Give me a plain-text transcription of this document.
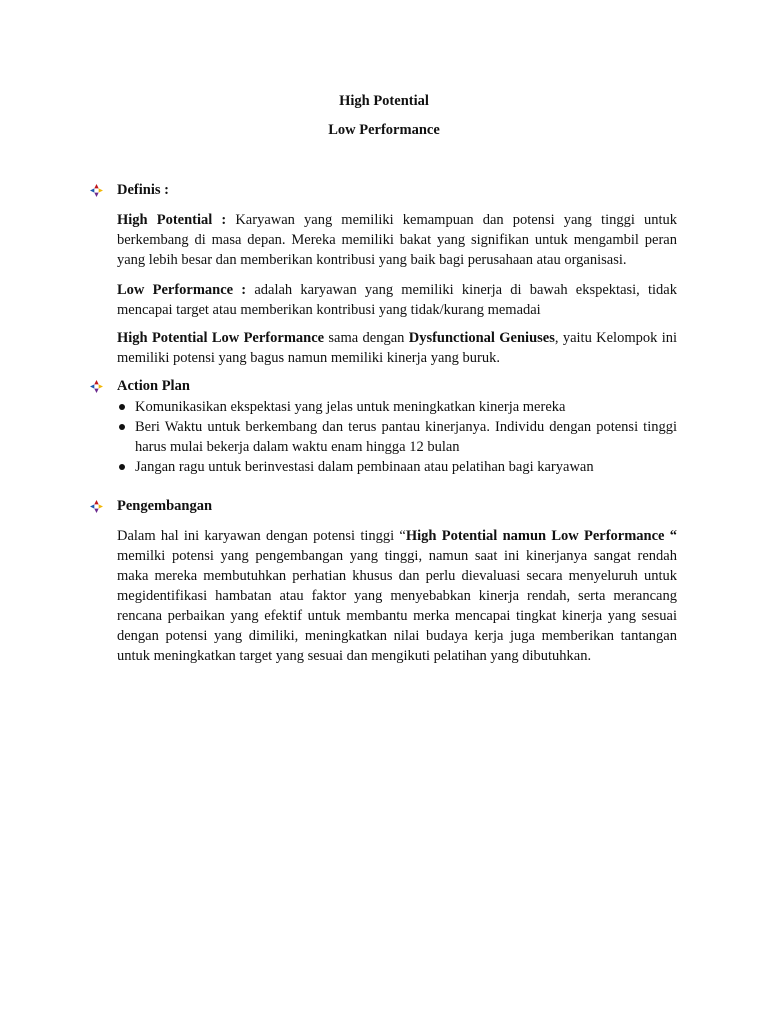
High Potential
Low Performance
Definis :
High Potential : Karyawan yang memiliki kemampuan dan potensi yang tinggi untuk berkembang di masa depan. Mereka memiliki bakat yang signifikan untuk mengambil peran yang lebih besar dan memberikan kontribusi yang baik bagi perusahaan atau organisasi.
Low Performance : adalah karyawan yang memiliki kinerja di bawah ekspektasi, tidak mencapai target atau memberikan kontribusi yang tidak/kurang memadai
High Potential Low Performance sama dengan Dysfunctional Geniuses, yaitu Kelompok ini memiliki potensi yang bagus namun memiliki kinerja yang buruk.
Action Plan
Komunikasikan ekspektasi yang jelas untuk meningkatkan kinerja mereka
Beri Waktu untuk berkembang dan terus pantau kinerjanya. Individu dengan potensi tinggi harus mulai bekerja dalam waktu enam hingga 12 bulan
Jangan ragu untuk berinvestasi dalam pembinaan atau pelatihan bagi karyawan
Pengembangan
Dalam hal ini karyawan dengan potensi tinggi “High Potential namun Low Performance “ memilki potensi yang pengembangan yang tinggi, namun saat ini kinerjanya sangat rendah maka mereka membutuhkan perhatian khusus dan perlu dievaluasi secara menyeluruh untuk megidentifikasi hambatan atau faktor yang menyebabkan kinerja rendah, serta merancang rencana perbaikan yang efektif untuk membantu merka mencapai tingkat kinerja yang sesuai dengan potensi yang dimiliki, meningkatkan nilai budaya kerja juga memberikan tantangan untuk meningkatkan target yang sesuai dan mengikuti pelatihan yang dibutuhkan.
